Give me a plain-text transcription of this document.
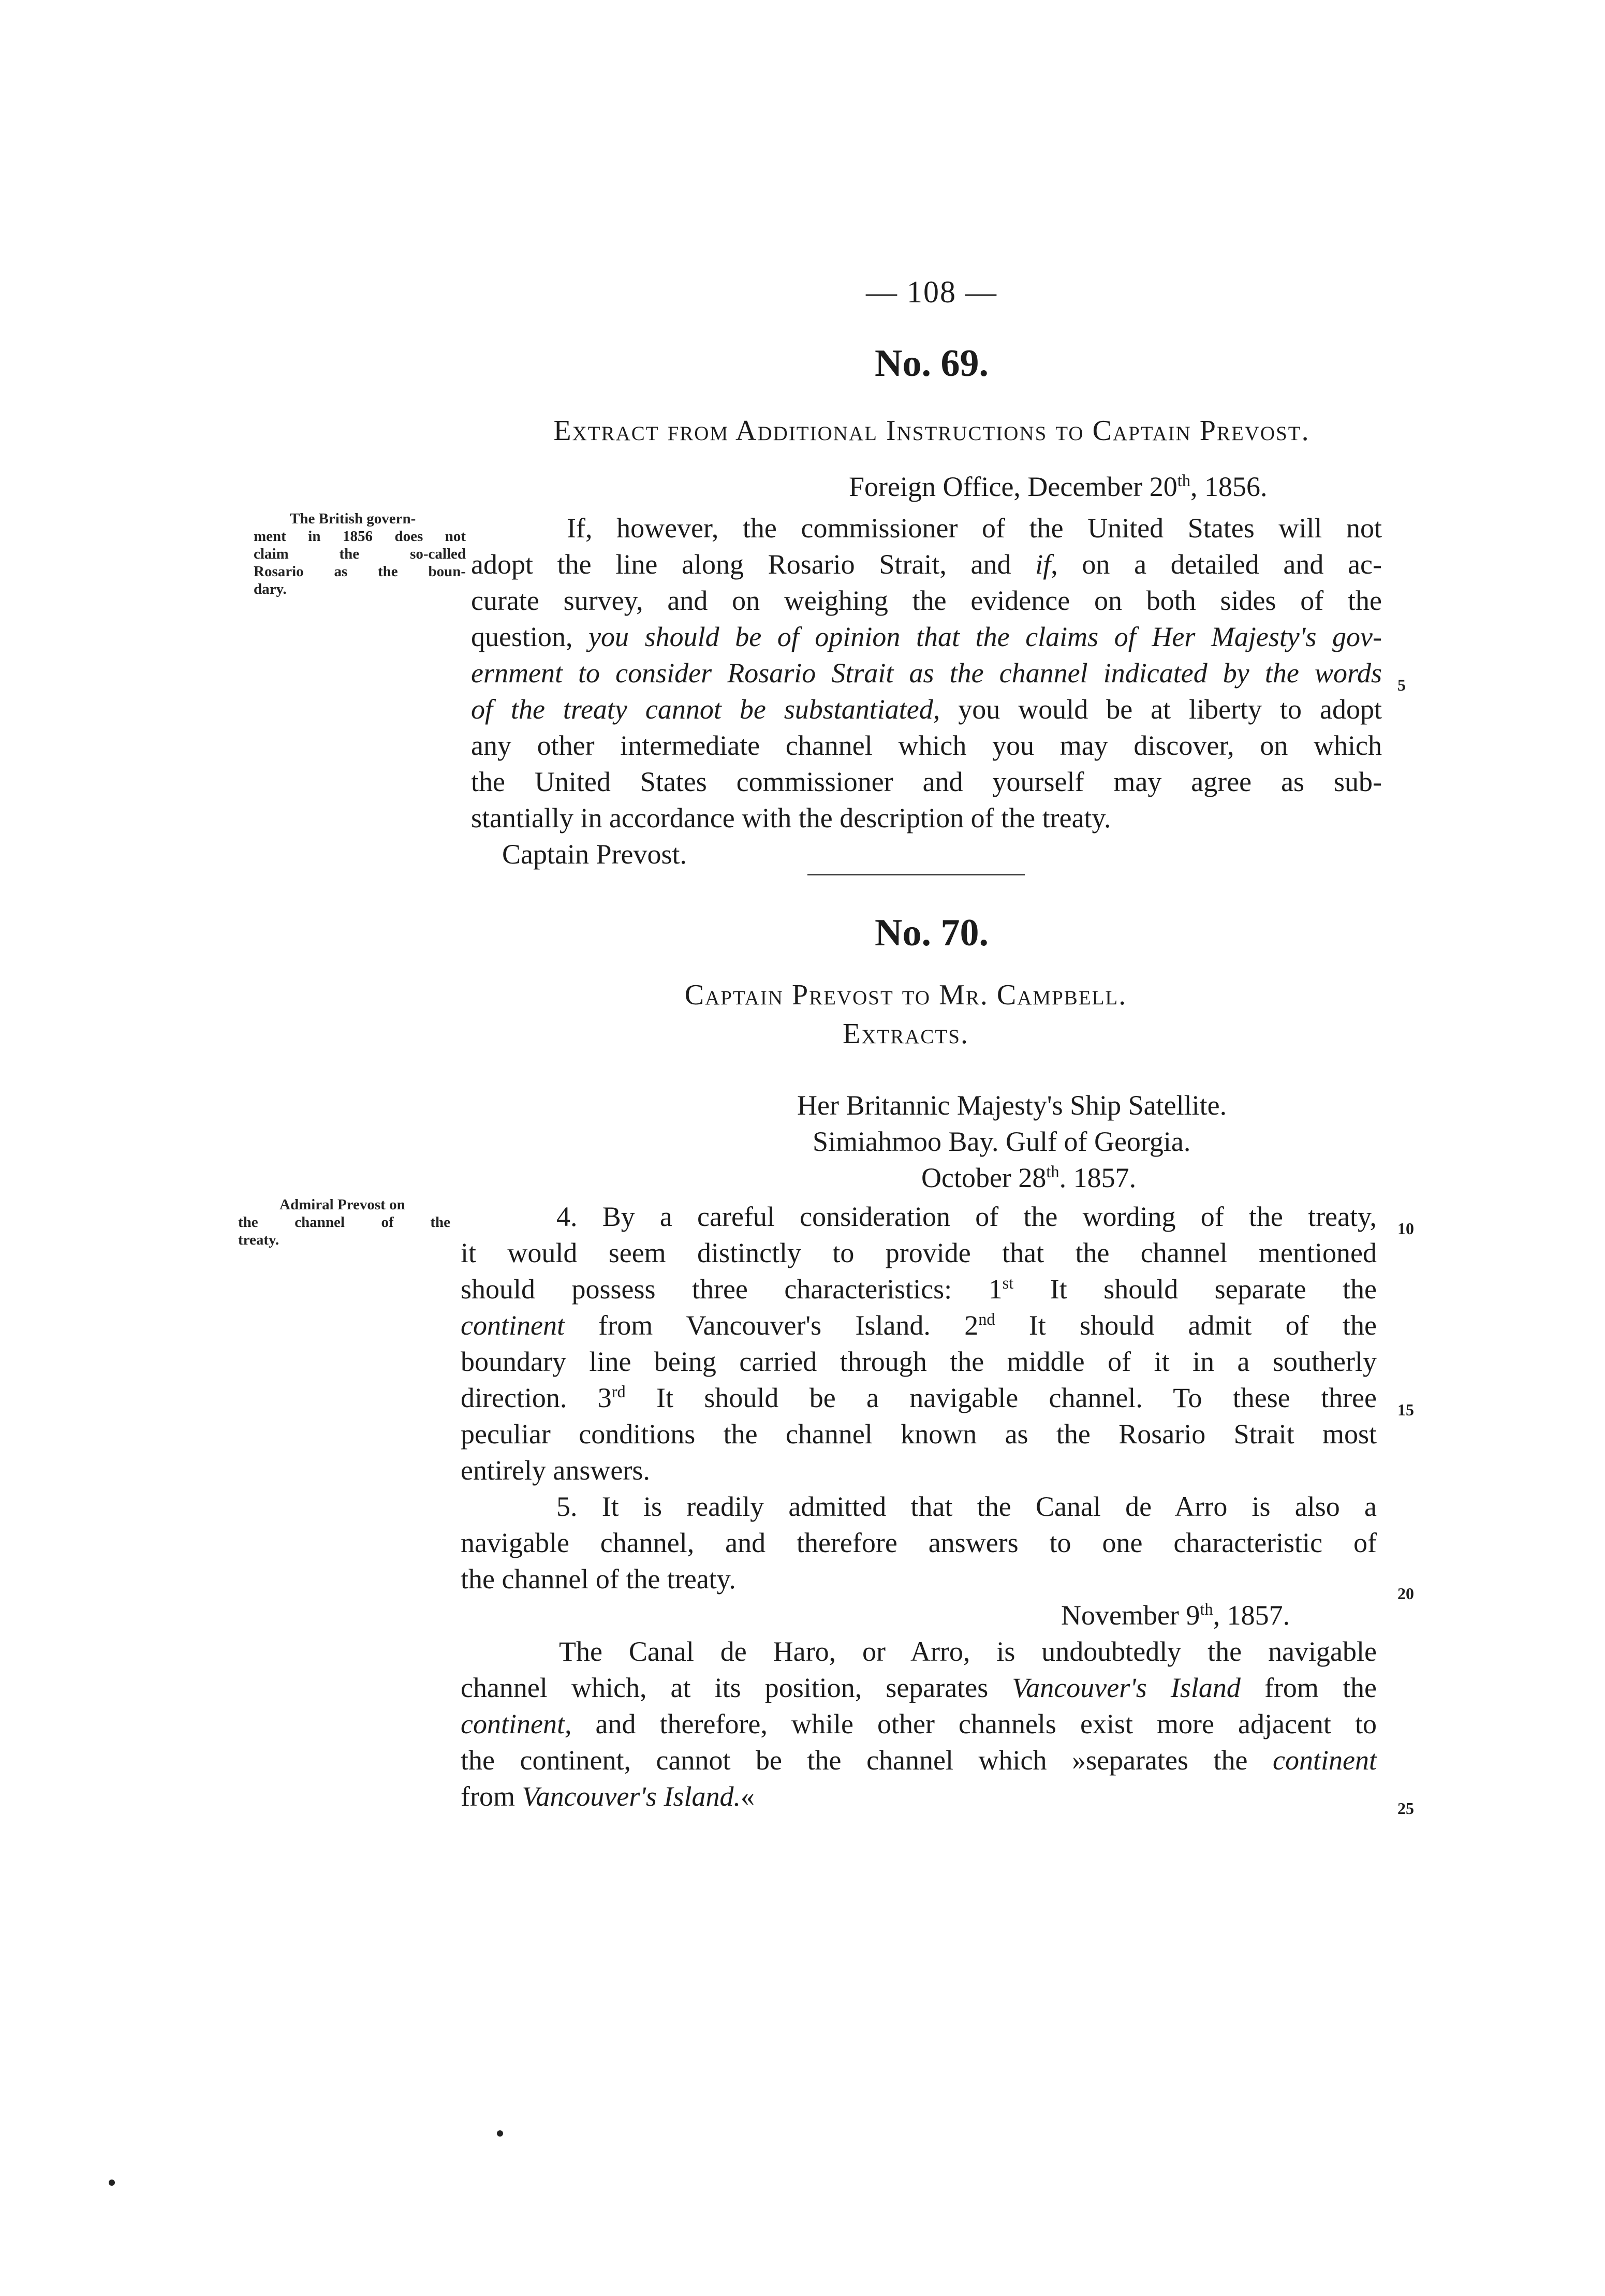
— 108 —
No. 69.
Extract from Additional Instructions to Captain Prevost.
Foreign Office, December 20th, 1856.
The British govern-
ment in 1856 does not
claim the so-called
Rosario as the boun-
dary.
If, however, the commissioner of the United States will not
adopt the line along Rosario Strait, and if, on a detailed and ac-
curate survey, and on weighing the evidence on both sides of the
question, you should be of opinion that the claims of Her Majesty's gov-
ernment to consider Rosario Strait as the channel indicated by the words
of the treaty cannot be substantiated, you would be at liberty to adopt
any other intermediate channel which you may discover, on which
the United States commissioner and yourself may agree as sub-
stantially in accordance with the description of the treaty.
Captain Prevost.
No. 70.
Captain Prevost to Mr. Campbell.
Extracts.
Her Britannic Majesty's Ship Satellite.
Simiahmoo Bay. Gulf of Georgia.
October 28th. 1857.
Admiral Prevost on
the channel of the
treaty.
4. By a careful consideration of the wording of the treaty,
it would seem distinctly to provide that the channel mentioned
should possess three characteristics: 1st It should separate the
continent from Vancouver's Island. 2nd It should admit of the
boundary line being carried through the middle of it in a southerly
direction. 3rd It should be a navigable channel. To these three
peculiar conditions the channel known as the Rosario Strait most
entirely answers.
5. It is readily admitted that the Canal de Arro is also a
navigable channel, and therefore answers to one characteristic of
the channel of the treaty.
November 9th, 1857.
The Canal de Haro, or Arro, is undoubtedly the navigable
channel which, at its position, separates Vancouver's Island from the
continent, and therefore, while other channels exist more adjacent to
the continent, cannot be the channel which »separates the continent
from Vancouver's Island.«
5
10
15
20
25
